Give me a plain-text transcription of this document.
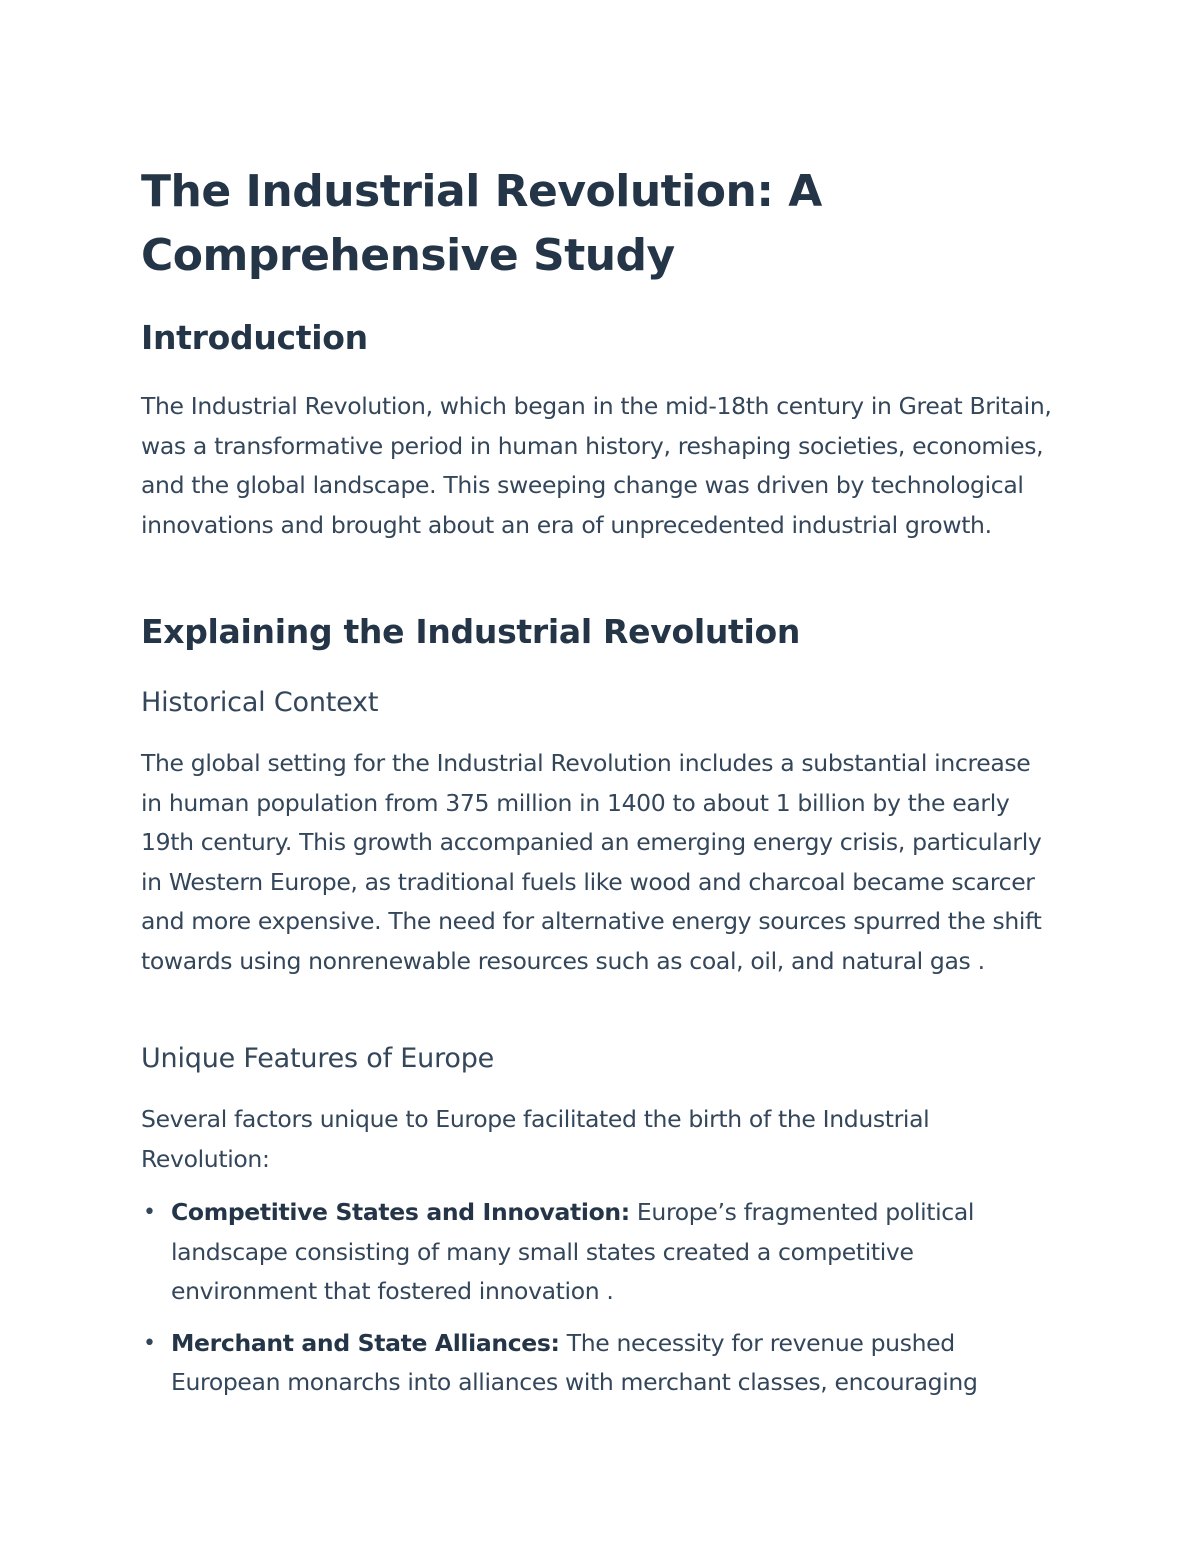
The Industrial Revolution: A Comprehensive Study
Introduction

The Industrial Revolution, which began in the mid-18th century in Great Britain, was a transformative period in human history, reshaping societies, economies, and the global landscape. This sweeping change was driven by technological innovations and brought about an era of unprecedented industrial growth.

Explaining the Industrial Revolution
Historical Context

The global setting for the Industrial Revolution includes a substantial increase in human population from 375 million in 1400 to about 1 billion by the early 19th century. This growth accompanied an emerging energy crisis, particularly in Western Europe, as traditional fuels like wood and charcoal became scarcer and more expensive. The need for alternative energy sources spurred the shift towards using nonrenewable resources such as coal, oil, and natural gas .

Unique Features of Europe

Several factors unique to Europe facilitated the birth of the Industrial Revolution:

• Competitive States and Innovation: Europe’s fragmented political landscape consisting of many small states created a competitive environment that fostered innovation .
• Merchant and State Alliances: The necessity for revenue pushed European monarchs into alliances with merchant classes, encouraging
